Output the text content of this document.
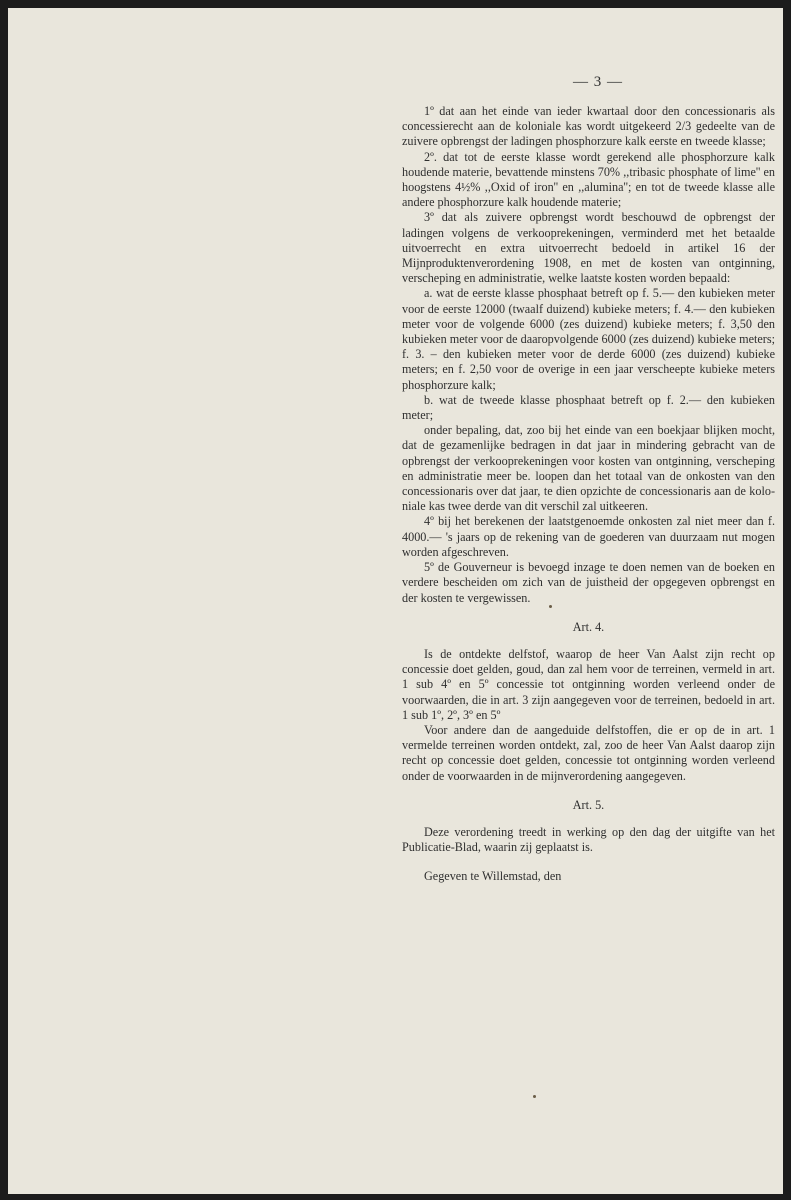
— 3 —

1º dat aan het einde van ieder kwartaal door den concessionaris als concessierecht aan de koloniale kas wordt uitgekeerd 2/3 gedeelte van de zuivere opbrengst der ladingen phosphorzure kalk eerste en tweede klasse;

2º. dat tot de eerste klasse wordt gerekend alle phosphorzure kalk houdende materie, bevattende minstens 70% ,,tribasic phosphate of lime'' en hoogstens 4½% ,,Oxid of iron'' en ,,alumina''; en tot de tweede klasse alle andere phosphorzure kalk houdende materie;

3º dat als zuivere opbrengst wordt beschouwd de opbrengst der ladingen volgens de verkooprekeningen, verminderd met het betaalde uitvoerrecht en extra uitvoerrecht bedoeld in artikel 16 der Mijnproduktenverordening 1908, en met de kosten van ontginning, verscheping en administratie, welke laatste kosten worden bepaald:

a. wat de eerste klasse phosphaat betreft op f. 5.— den kubieken meter voor de eerste 12000 (twaalf duizend) kubieke meters; f. 4.— den kubieken meter voor de volgende 6000 (zes duizend) kubieke meters; f. 3,50 den kubieken meter voor de daaropvolgende 6000 (zes duizend) kubieke meters; f. 3. – den kubieken meter voor de derde 6000 (zes duizend) kubieke meters; en f. 2,50 voor de overige in een jaar verscheepte kubieke meters phosphorzure kalk;

b. wat de tweede klasse phosphaat betreft op f. 2.— den kubieken meter;

onder bepaling, dat, zoo bij het einde van een boekjaar blijken mocht, dat de gezamenlijke bedragen in dat jaar in mindering gebracht van de opbrengst der verkooprekeningen voor kosten van ontginning, verscheping en administratie meer be. loopen dan het totaal van de onkosten van den concessionaris over dat jaar, te dien opzichte de concessionaris aan de kolo- niale kas twee derde van dit verschil zal uitkeeren.

4º bij het berekenen der laatstgenoemde onkosten zal niet meer dan f. 4000.— 's jaars op de rekening van de goederen van duurzaam nut mogen worden afgeschreven.

5º de Gouverneur is bevoegd inzage te doen nemen van de boeken en verdere bescheiden om zich van de juistheid der opgegeven opbrengst en der kosten te vergewissen.

Art. 4.

Is de ontdekte delfstof, waarop de heer Van Aalst zijn recht op concessie doet gelden, goud, dan zal hem voor de terreinen, vermeld in art. 1 sub 4º en 5º concessie tot ontginning worden verleend onder de voorwaarden, die in art. 3 zijn aangegeven voor de terreinen, bedoeld in art. 1 sub 1º, 2º, 3º en 5º

Voor andere dan de aangeduide delfstoffen, die er op de in art. 1 vermelde terreinen worden ontdekt, zal, zoo de heer Van Aalst daarop zijn recht op concessie doet gelden, concessie tot ontginning worden verleend onder de voorwaarden in de mijnverordening aangegeven.

Art. 5.

Deze verordening treedt in werking op den dag der uitgifte van het Publicatie-Blad, waarin zij geplaatst is.

Gegeven te Willemstad, den
